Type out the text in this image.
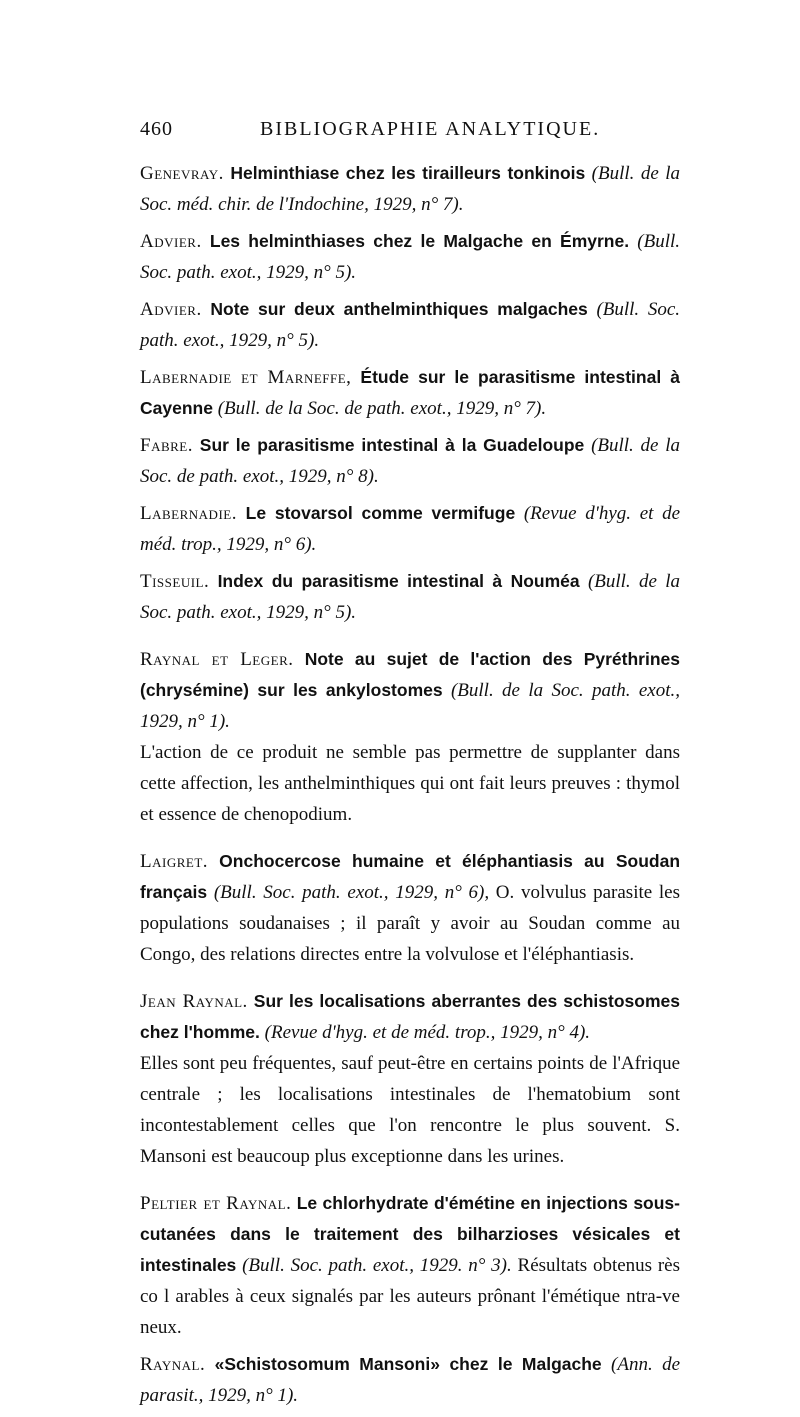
460	BIBLIOGRAPHIE ANALYTIQUE.
Genevray. Helminthiase chez les tirailleurs tonkinois (Bull. de la Soc. méd. chir. de l'Indochine, 1929, n° 7).
Advier. Les helminthiases chez le Malgache en Émyrne. (Bull. Soc. path. exot., 1929, n° 5).
Advier. Note sur deux anthelminthiques malgaches (Bull. Soc. path. exot., 1929, n° 5).
Labernadie et Marneffe, Étude sur le parasitisme intestinal à Cayenne (Bull. de la Soc. de path. exot., 1929, n° 7).
Fabre. Sur le parasitisme intestinal à la Guadeloupe (Bull. de la Soc. de path. exot., 1929, n° 8).
Labernadie. Le stovarsol comme vermifuge (Revue d'hyg. et de méd. trop., 1929, n° 6).
Tisseuil. Index du parasitisme intestinal à Nouméa (Bull. de la Soc. path. exot., 1929, n° 5).
Raynal et Leger. Note au sujet de l'action des Pyréthrines (chrysémine) sur les ankylostomes (Bull. de la Soc. path. exot., 1929, n° 1).
L'action de ce produit ne semble pas permettre de supplanter dans cette affection, les anthelminthiques qui ont fait leurs preuves : thymol et essence de chenopodium.
Laigret. Onchocercose humaine et éléphantiasis au Soudan français (Bull. Soc. path. exot., 1929, n° 6), O. volvulus parasite les populations soudanaises ; il paraît y avoir au Soudan comme au Congo, des relations directes entre la volvulose et l'éléphantiasis.
Jean Raynal. Sur les localisations aberrantes des schistosomes chez l'homme. (Revue d'hyg. et de méd. trop., 1929, n° 4).
Elles sont peu fréquentes, sauf peut-être en certains points de l'Afrique centrale ; les localisations intestinales de l'hematobium sont incontestablement celles que l'on rencontre le plus souvent. S. Mansoni est beaucoup plus exceptionne dans les urines.
Peltier et Raynal. Le chlorhydrate d'émétine en injections sous-cutanées dans le traitement des bilharzioses vésicales et intestinales (Bull. Soc. path. exot., 1929. n° 3). Résultats obtenus rès co l arables à ceux signalés par les auteurs prônant l'émétique ntra-ve neux.
Raynal. «Schistosomum Mansoni» chez le Malgache (Ann. de parasit., 1929, n° 1).
